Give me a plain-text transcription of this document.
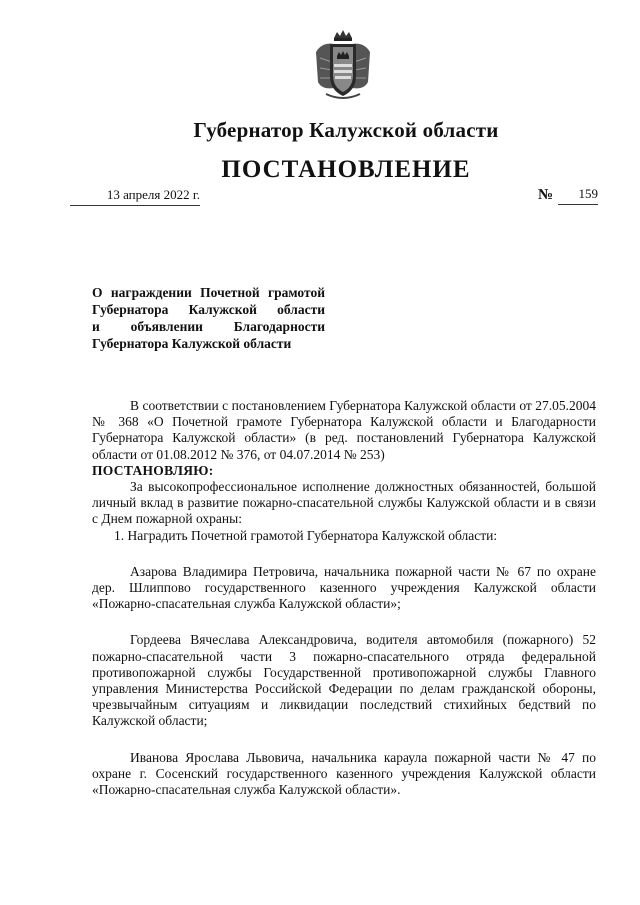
Губернатор Калужской области
ПОСТАНОВЛЕНИЕ
13 апреля 2022 г.	№	159
О награждении Почетной грамотой
Губернатора Калужской области
и объявлении Благодарности
Губернатора Калужской области

В соответствии с постановлением Губернатора Калужской области от 27.05.2004 № 368 «О Почетной грамоте Губернатора Калужской области и Благодарности Губернатора Калужской области» (в ред. постановлений Губернатора Калужской области от 01.08.2012 № 376, от 04.07.2014 № 253)

ПОСТАНОВЛЯЮ:

За высокопрофессиональное исполнение должностных обязанностей, большой личный вклад в развитие пожарно-спасательной службы Калужской области и в связи с Днем пожарной охраны:

1. Наградить Почетной грамотой Губернатора Калужской области:

Азарова Владимира Петровича, начальника пожарной части № 67 по охране дер. Шлиппово государственного казенного учреждения Калужской области «Пожарно-спасательная служба Калужской области»;

Гордеева Вячеслава Александровича, водителя автомобиля (пожарного) 52 пожарно-спасательной части 3 пожарно-спасательного отряда федеральной противопожарной службы Государственной противопожарной службы Главного управления Министерства Российской Федерации по делам гражданской обороны, чрезвычайным ситуациям и ликвидации последствий стихийных бедствий по Калужской области;

Иванова Ярослава Львовича, начальника караула пожарной части № 47 по охране г. Сосенский государственного казенного учреждения Калужской области «Пожарно-спасательная служба Калужской области».
